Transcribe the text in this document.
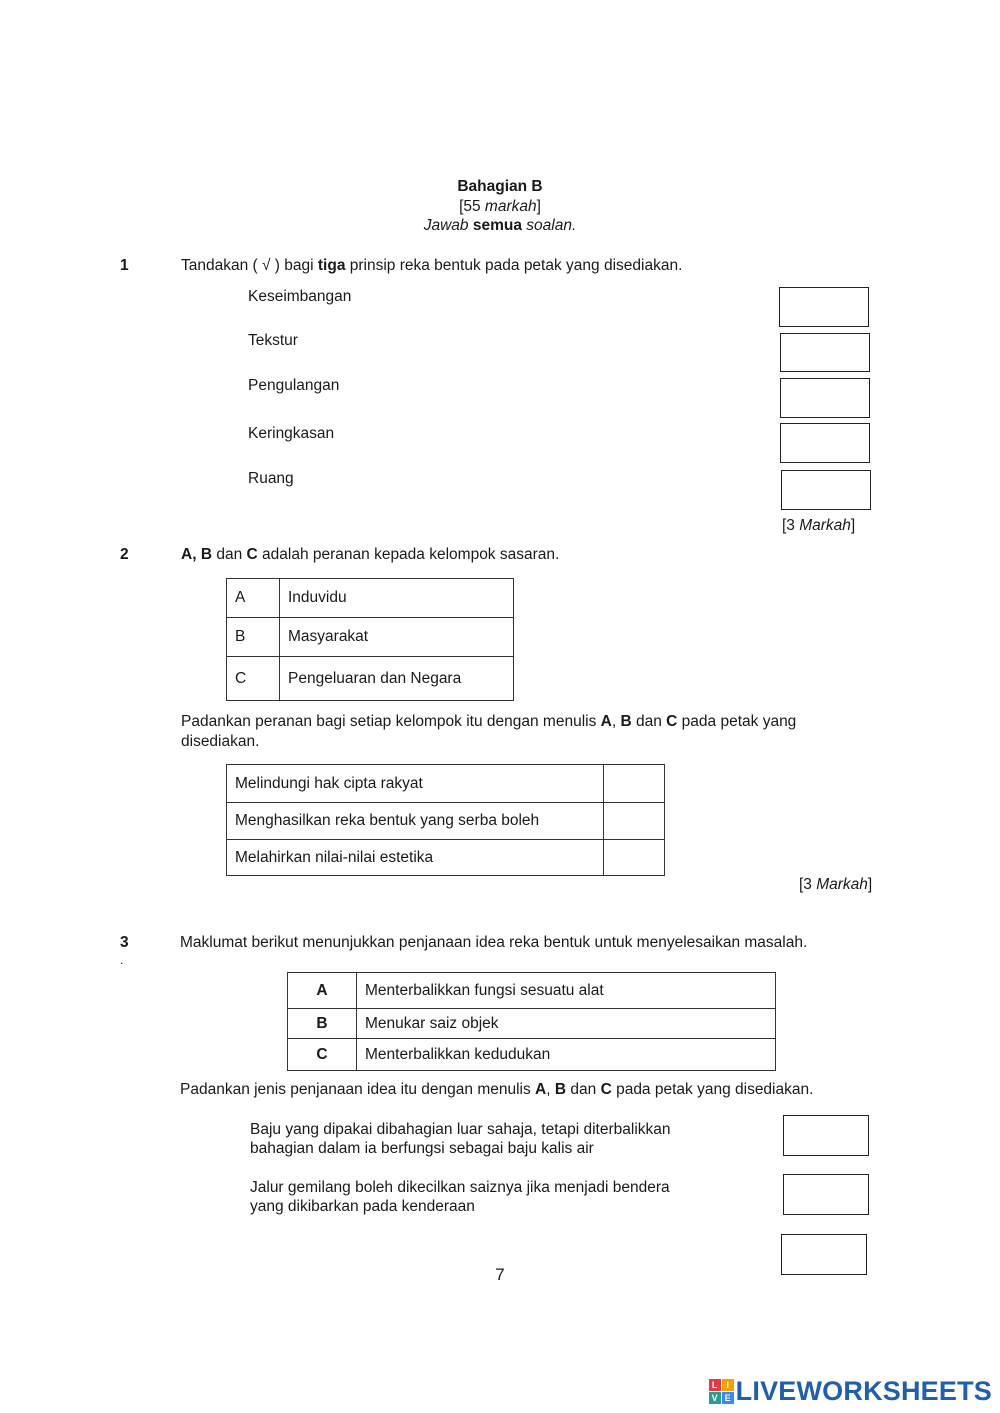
Bahagian B
[55 markah]
Jawab semua soalan.
1	Tandakan ( √ ) bagi tiga prinsip reka bentuk pada petak yang disediakan.
Keseimbangan
Tekstur
Pengulangan
Keringkasan
Ruang
[3 Markah]
2	A, B dan C adalah peranan kepada kelompok sasaran.
A	Induvidu
B	Masyarakat
C	Pengeluaran dan Negara
Padankan peranan bagi setiap kelompok itu dengan menulis A, B dan C pada petak yang
disediakan.
Melindungi hak cipta rakyat	
Menghasilkan reka bentuk yang serba boleh	
Melahirkan nilai-nilai estetika	
[3 Markah]
3
.
Maklumat berikut menunjukkan penjanaan idea reka bentuk untuk menyelesaikan masalah.
A	Menterbalikkan fungsi sesuatu alat
B	Menukar saiz objek
C	Menterbalikkan kedudukan
Padankan jenis penjanaan idea itu dengan menulis A, B dan C pada petak yang disediakan.
Baju yang dipakai dibahagian luar sahaja, tetapi diterbalikkan
bahagian dalam ia berfungsi sebagai baju kalis air
Jalur gemilang boleh dikecilkan saiznya jika menjadi bendera
yang dikibarkan pada kenderaan
7
L I
V E LIVEWORKSHEETS
